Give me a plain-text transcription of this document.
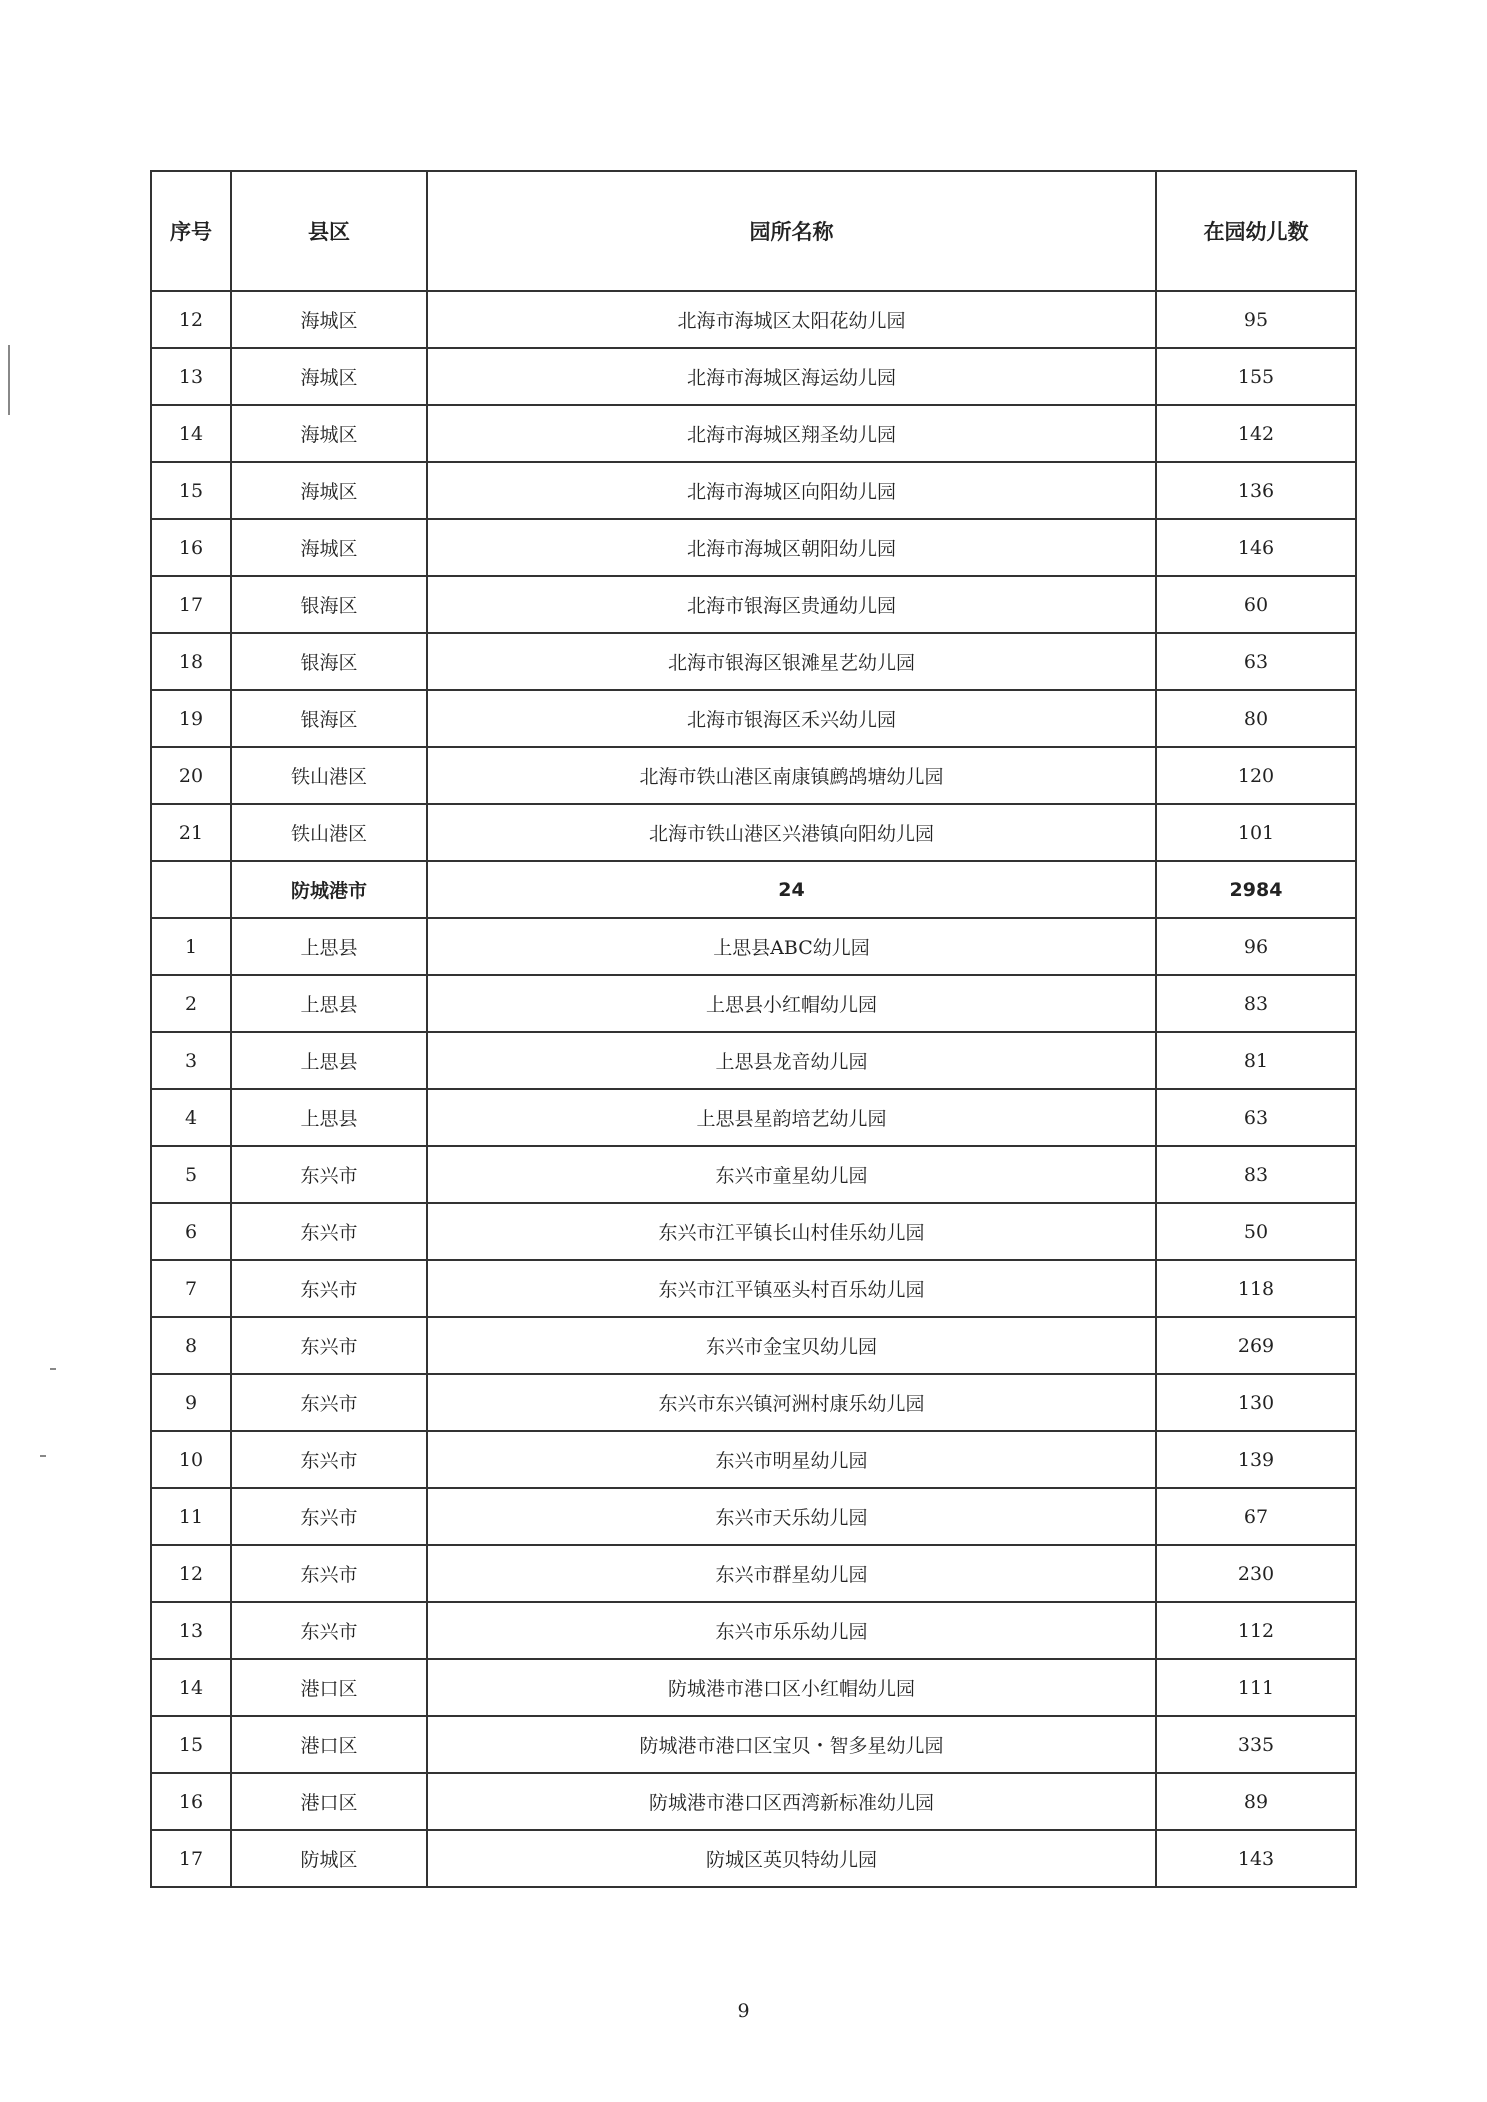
序号	县区	园所名称	在园幼儿数
12	海城区	北海市海城区太阳花幼儿园	95
13	海城区	北海市海城区海运幼儿园	155
14	海城区	北海市海城区翔圣幼儿园	142
15	海城区	北海市海城区向阳幼儿园	136
16	海城区	北海市海城区朝阳幼儿园	146
17	银海区	北海市银海区贵通幼儿园	60
18	银海区	北海市银海区银滩星艺幼儿园	63
19	银海区	北海市银海区禾兴幼儿园	80
20	铁山港区	北海市铁山港区南康镇鹧鸪塘幼儿园	120
21	铁山港区	北海市铁山港区兴港镇向阳幼儿园	101
	防城港市	24	2984
1	上思县	上思县ABC幼儿园	96
2	上思县	上思县小红帽幼儿园	83
3	上思县	上思县龙音幼儿园	81
4	上思县	上思县星韵培艺幼儿园	63
5	东兴市	东兴市童星幼儿园	83
6	东兴市	东兴市江平镇长山村佳乐幼儿园	50
7	东兴市	东兴市江平镇巫头村百乐幼儿园	118
8	东兴市	东兴市金宝贝幼儿园	269
9	东兴市	东兴市东兴镇河洲村康乐幼儿园	130
10	东兴市	东兴市明星幼儿园	139
11	东兴市	东兴市天乐幼儿园	67
12	东兴市	东兴市群星幼儿园	230
13	东兴市	东兴市乐乐幼儿园	112
14	港口区	防城港市港口区小红帽幼儿园	111
15	港口区	防城港市港口区宝贝・智多星幼儿园	335
16	港口区	防城港市港口区西湾新标准幼儿园	89
17	防城区	防城区英贝特幼儿园	143
9
